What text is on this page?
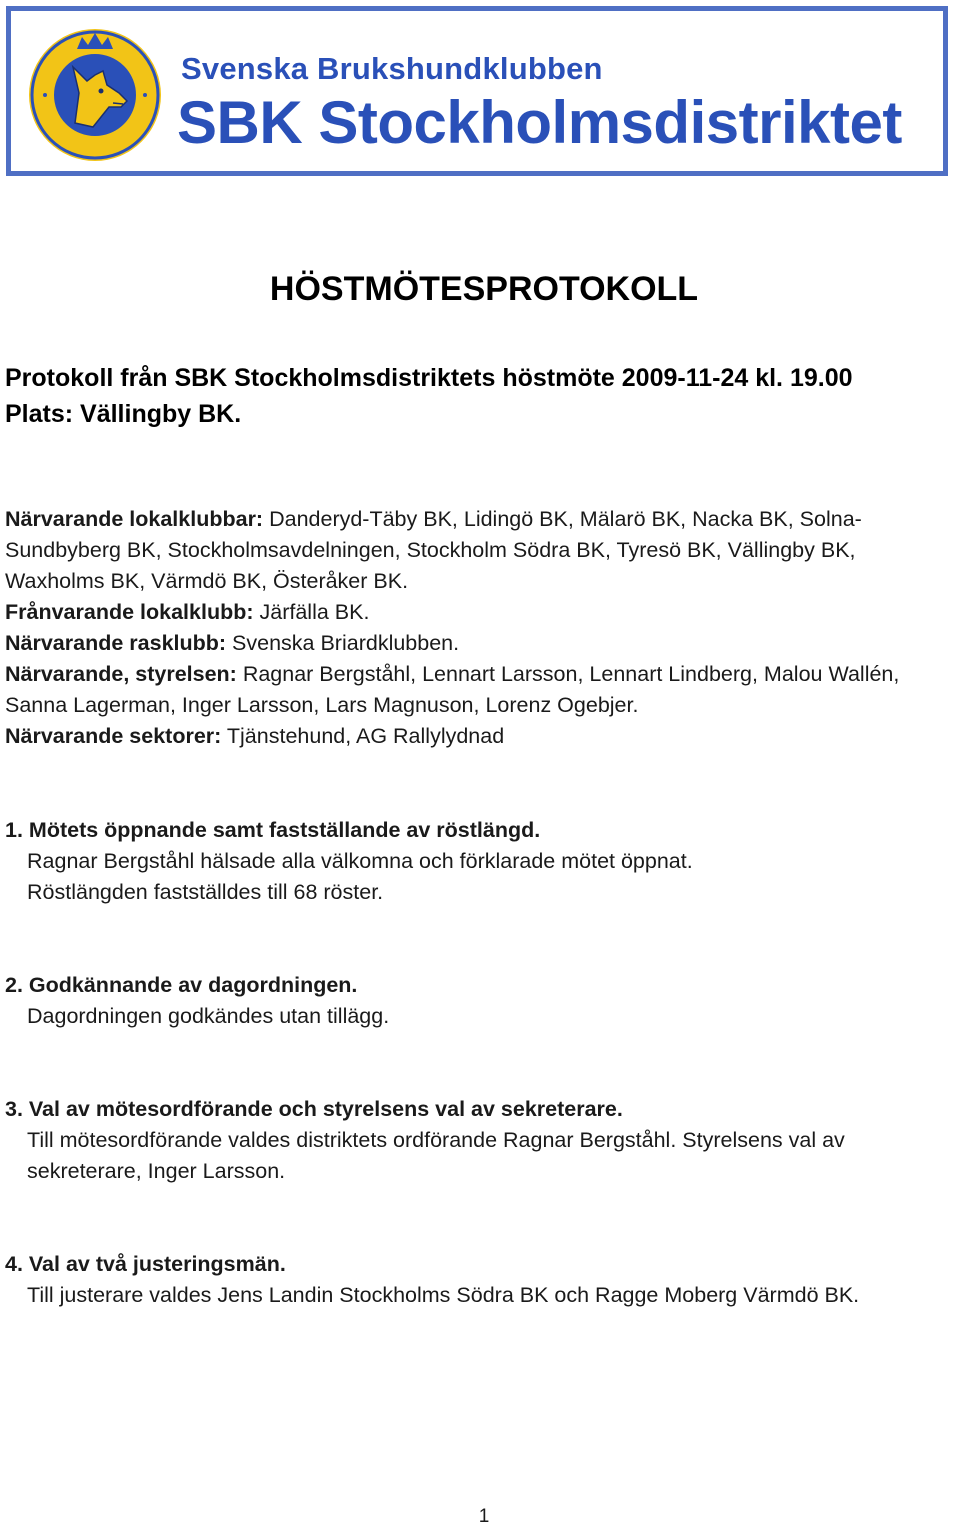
Svenska Brukshundklubben
SBK Stockholmsdistriktet
HÖSTMÖTESPROTOKOLL
Protokoll från SBK Stockholmsdistriktets höstmöte 2009-11-24 kl. 19.00
Plats: Vällingby BK.

Närvarande lokalklubbar: Danderyd-Täby BK, Lidingö BK, Mälarö BK, Nacka BK, Solna-Sundbyberg BK, Stockholmsavdelningen, Stockholm Södra BK, Tyresö BK, Vällingby BK, Waxholms BK, Värmdö BK, Österåker BK.

Frånvarande lokalklubb: Järfälla BK.

Närvarande rasklubb: Svenska Briardklubben.

Närvarande, styrelsen: Ragnar Bergståhl, Lennart Larsson, Lennart Lindberg, Malou Wallén, Sanna Lagerman, Inger Larsson, Lars Magnuson, Lorenz Ogebjer.

Närvarande sektorer: Tjänstehund, AG Rallylydnad

1. Mötets öppnande samt fastställande av röstlängd.

Ragnar Bergståhl hälsade alla välkomna och förklarade mötet öppnat.

Röstlängden fastställdes till 68 röster.

2. Godkännande av dagordningen.

Dagordningen godkändes utan tillägg.

3. Val av mötesordförande och styrelsens val av sekreterare.

Till mötesordförande valdes distriktets ordförande Ragnar Bergståhl. Styrelsens val av

sekreterare, Inger Larsson.

4. Val av två justeringsmän.

Till justerare valdes Jens Landin Stockholms Södra BK och Ragge Moberg Värmdö BK.

1
